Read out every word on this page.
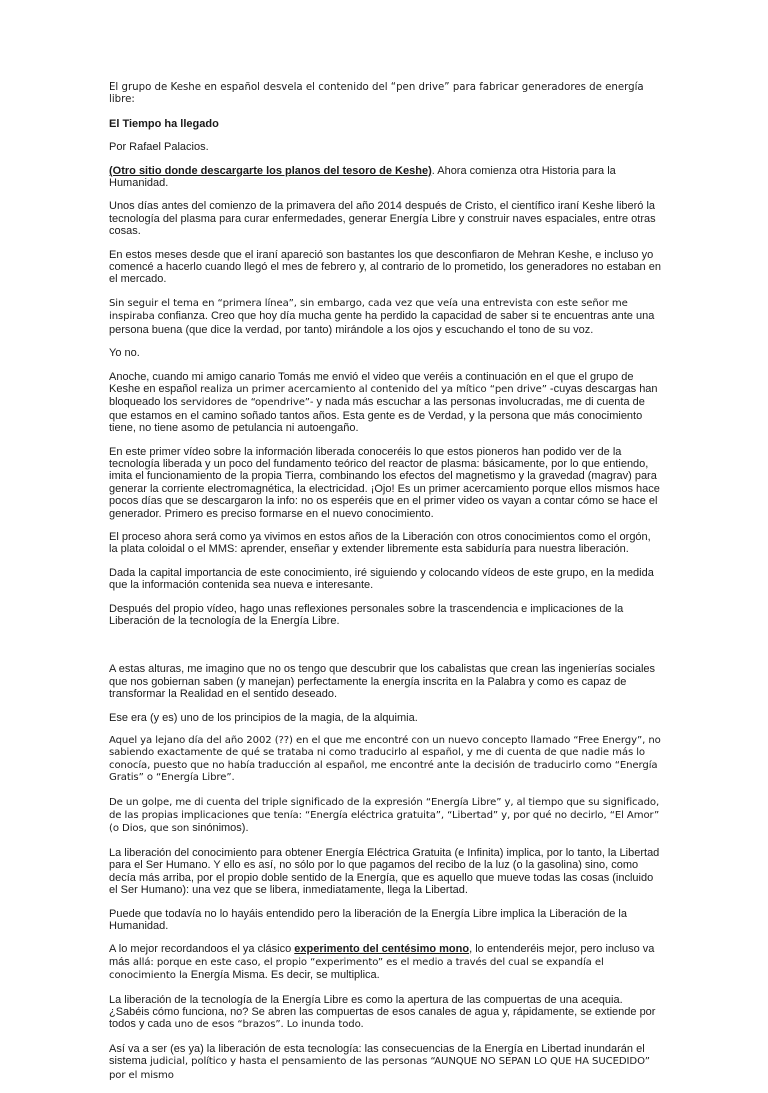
El grupo de Keshe en español desvela el contenido del “pen drive” para fabricar generadores de energía libre:

El Tiempo ha llegado

Por Rafael Palacios.

(Otro sitio donde descargarte los planos del tesoro de Keshe). Ahora comienza otra Historia para la Humanidad.

Unos días antes del comienzo de la primavera del año 2014 después de Cristo, el científico iraní Keshe liberó la tecnología del plasma para curar enfermedades, generar Energía Libre y construir naves espaciales, entre otras cosas.

En estos meses desde que el iraní apareció son bastantes los que desconfiaron de Mehran Keshe, e incluso yo comencé a hacerlo cuando llegó el mes de febrero y, al contrario de lo prometido, los generadores no estaban en el mercado.

Sin seguir el tema en “primera línea”, sin embargo, cada vez que veía una entrevista con este señor me inspiraba confianza. Creo que hoy día mucha gente ha perdido la capacidad de saber si te encuentras ante una persona buena (que dice la verdad, por tanto) mirándole a los ojos y escuchando el tono de su voz.

Yo no.

Anoche, cuando mi amigo canario Tomás me envió el video que veréis a continuación en el que el grupo de Keshe en español realiza un primer acercamiento al contenido del ya mítico “pen drive” -cuyas descargas han bloqueado los servidores de “opendrive”- y nada más escuchar a las personas involucradas, me di cuenta de que estamos en el camino soñado tantos años. Esta gente es de Verdad, y la persona que más conocimiento tiene, no tiene asomo de petulancia ni autoengaño.

En este primer vídeo sobre la información liberada conoceréis lo que estos pioneros han podido ver de la tecnología liberada y un poco del fundamento teórico del reactor de plasma: básicamente, por lo que entiendo, imita el funcionamiento de la propia Tierra, combinando los efectos del magnetismo y la gravedad (magrav) para generar la corriente electromagnética, la electricidad. ¡Ojo! Es un primer acercamiento porque ellos mismos hace pocos días que se descargaron la info: no os esperéis que en el primer video os vayan a contar cómo se hace el generador. Primero es preciso formarse en el nuevo conocimiento.

El proceso ahora será como ya vivimos en estos años de la Liberación con otros conocimientos como el orgón, la plata coloidal o el MMS: aprender, enseñar y extender libremente esta sabiduría para nuestra liberación.

Dada la capital importancia de este conocimiento, iré siguiendo y colocando vídeos de este grupo, en la medida que la información contenida sea nueva e interesante.

Después del propio vídeo, hago unas reflexiones personales sobre la trascendencia e implicaciones de la Liberación de la tecnología de la Energía Libre.

A estas alturas, me imagino que no os tengo que descubrir que los cabalistas que crean las ingenierías sociales que nos gobiernan saben (y manejan) perfectamente la energía inscrita en la Palabra y como es capaz de transformar la Realidad en el sentido deseado.

Ese era (y es) uno de los principios de la magia, de la alquimia.

Aquel ya lejano día del año 2002 (??) en el que me encontré con un nuevo concepto llamado “Free Energy”, no sabiendo exactamente de qué se trataba ni como traducirlo al español, y me di cuenta de que nadie más lo conocía, puesto que no había traducción al español, me encontré ante la decisión de traducirlo como “Energía Gratis” o “Energía Libre”.

De un golpe, me di cuenta del triple significado de la expresión “Energía Libre” y, al tiempo que su significado, de las propias implicaciones que tenía: “Energía eléctrica gratuita”, “Libertad” y, por qué no decirlo, “El Amor” (o Dios, que son sinónimos).

La liberación del conocimiento para obtener Energía Eléctrica Gratuita (e Infinita) implica, por lo tanto, la Libertad para el Ser Humano. Y ello es así, no sólo por lo que pagamos del recibo de la luz (o la gasolina) sino, como decía más arriba, por el propio doble sentido de la Energía, que es aquello que mueve todas las cosas (incluido el Ser Humano): una vez que se libera, inmediatamente, llega la Libertad.

Puede que todavía no lo hayáis entendido pero la liberación de la Energía Libre implica la Liberación de la Humanidad.

A lo mejor recordandoos el ya clásico experimento del centésimo mono, lo entenderéis mejor, pero incluso va más allá: porque en este caso, el propio “experimento” es el medio a través del cual se expandía el conocimiento la Energía Misma. Es decir, se multiplica.

La liberación de la tecnología de la Energía Libre es como la apertura de las compuertas de una acequia. ¿Sabéis cómo funciona, no? Se abren las compuertas de esos canales de agua y, rápidamente, se extiende por todos y cada uno de esos “brazos”. Lo inunda todo.

Así va a ser (es ya) la liberación de esta tecnología: las consecuencias de la Energía en Libertad inundarán el sistema judicial, político y hasta el pensamiento de las personas “AUNQUE NO SEPAN LO QUE HA SUCEDIDO” por el mismo
